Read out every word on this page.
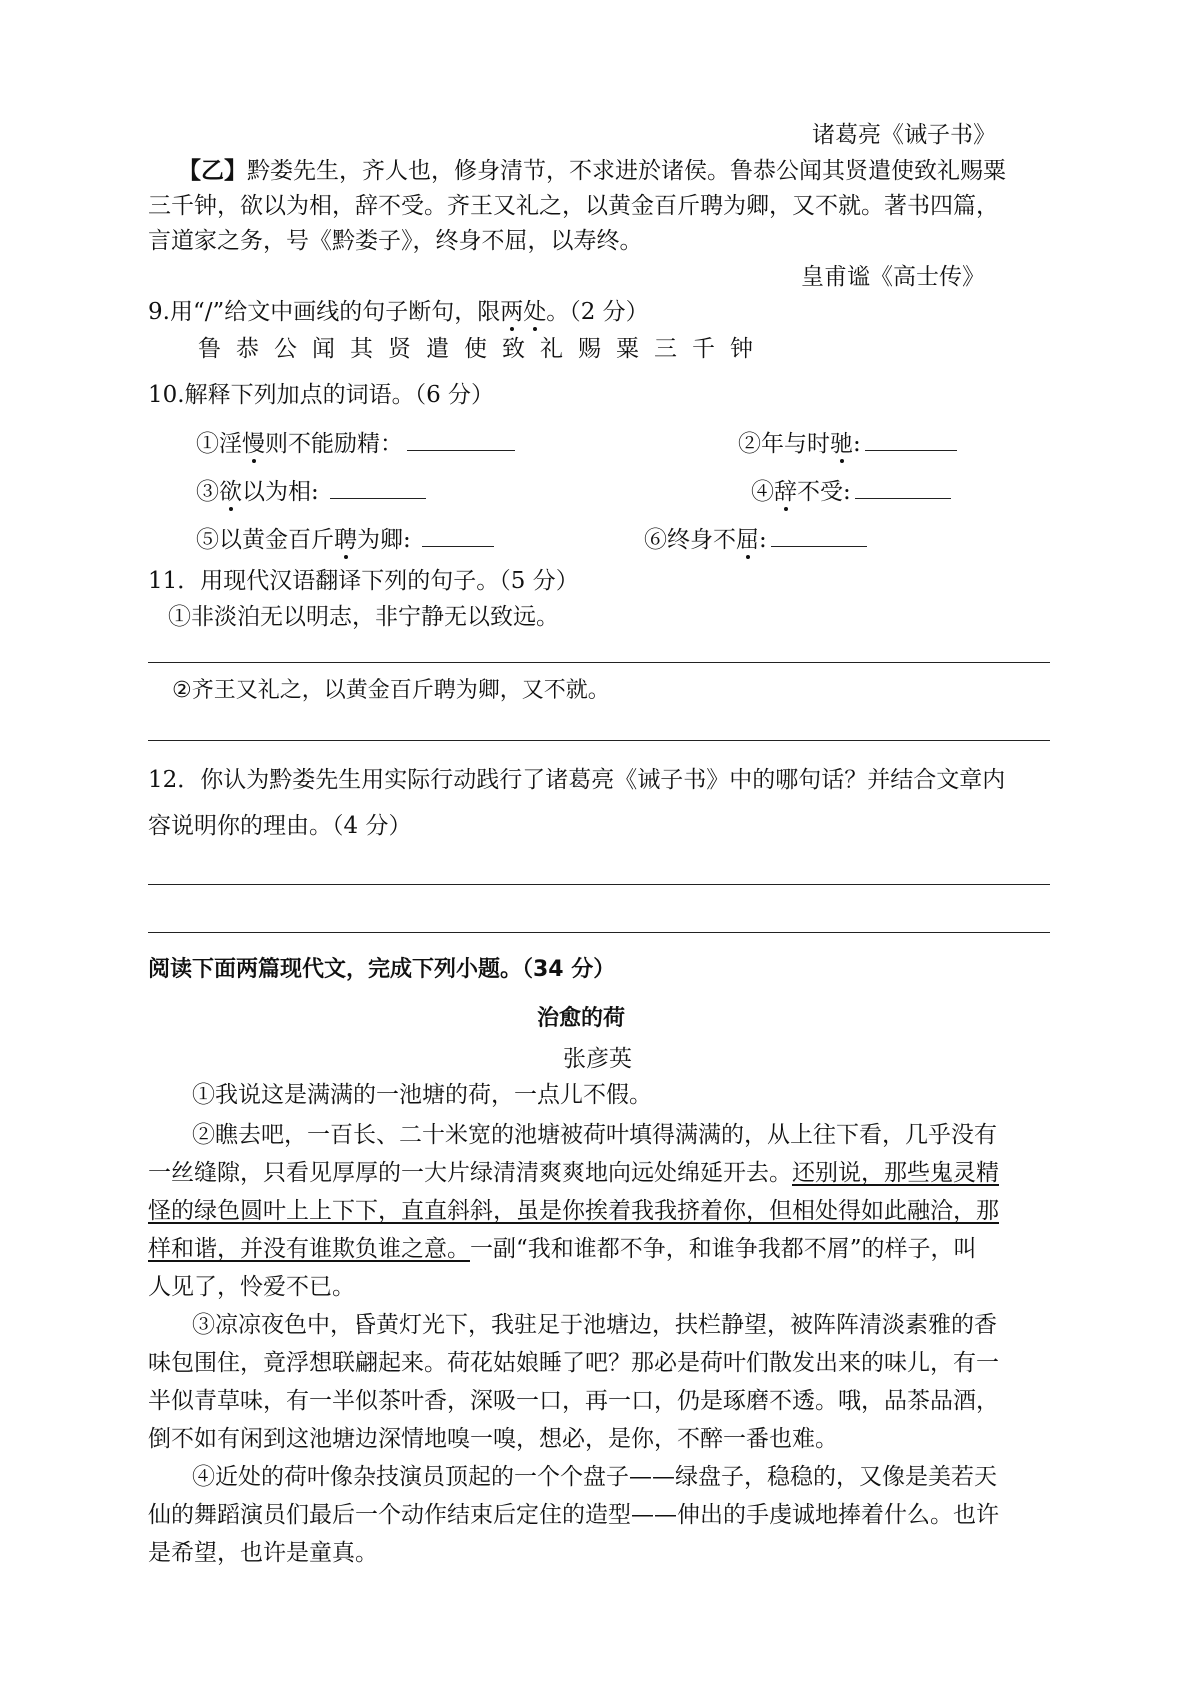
诸葛亮《诫子书》
【乙】黔娄先生，齐人也，修身清节，不求进於诸侯。鲁恭公闻其贤遣使致礼赐粟
三千钟，欲以为相，辞不受。齐王又礼之，以黄金百斤聘为卿，又不就。著书四篇，
言道家之务，号《黔娄子》，终身不屈，以寿终。
皇甫谧《高士传》
9.用“/”给文中画线的句子断句，限两处。（2 分）
鲁恭公闻其贤遣使致礼赐粟三千钟
10.解释下列加点的词语。（6 分）
①淫慢则不能励精：	②年与时驰:
③欲以为相:	④辞不受:
⑤以黄金百斤聘为卿:	⑥终身不屈:
11．用现代汉语翻译下列的句子。（5 分）
①非淡泊无以明志，非宁静无以致远。
②齐王又礼之，以黄金百斤聘为卿，又不就。
12．你认为黔娄先生用实际行动践行了诸葛亮《诫子书》中的哪句话？并结合文章内
容说明你的理由。（4 分）
阅读下面两篇现代文，完成下列小题。（34 分）
治愈的荷
张彦英
①我说这是满满的一池塘的荷，一点儿不假。
②瞧去吧，一百长、二十米宽的池塘被荷叶填得满满的，从上往下看，几乎没有
一丝缝隙，只看见厚厚的一大片绿清清爽爽地向远处绵延开去。还别说，那些鬼灵精
怪的绿色圆叶上上下下，直直斜斜，虽是你挨着我我挤着你，但相处得如此融洽，那
样和谐，并没有谁欺负谁之意。一副“我和谁都不争，和谁争我都不屑”的样子，叫
人见了，怜爱不已。
③凉凉夜色中，昏黄灯光下，我驻足于池塘边，扶栏静望，被阵阵清淡素雅的香
味包围住，竟浮想联翩起来。荷花姑娘睡了吧？那必是荷叶们散发出来的味儿，有一
半似青草味，有一半似茶叶香，深吸一口，再一口，仍是琢磨不透。哦，品茶品酒，
倒不如有闲到这池塘边深情地嗅一嗅，想必，是你，不醉一番也难。
④近处的荷叶像杂技演员顶起的一个个盘子——绿盘子，稳稳的，又像是美若天
仙的舞蹈演员们最后一个动作结束后定住的造型——伸出的手虔诚地捧着什么。也许
是希望，也许是童真。
